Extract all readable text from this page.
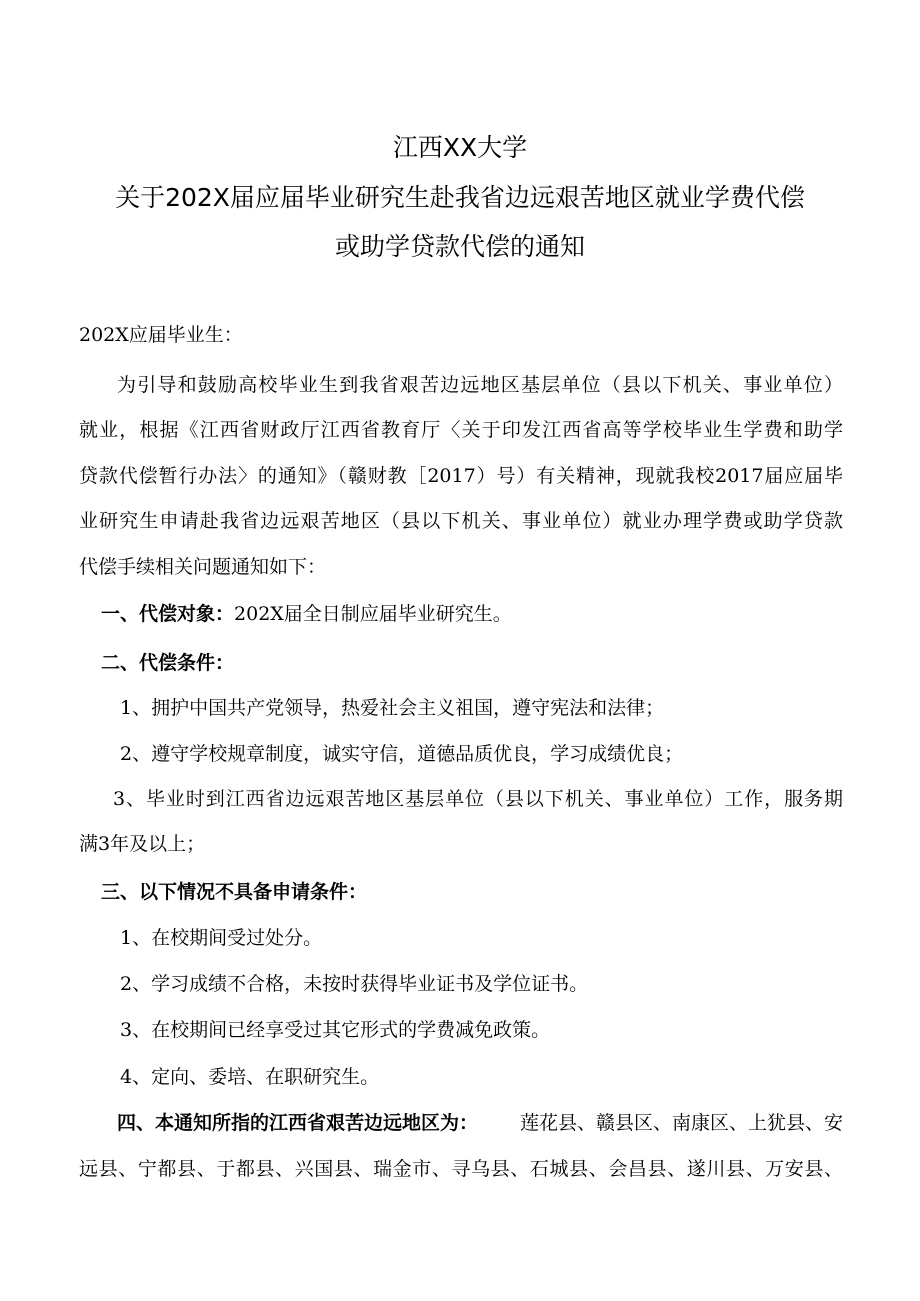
江西XX大学
关于202X届应届毕业研究生赴我省边远艰苦地区就业学费代偿
或助学贷款代偿的通知
202X应届毕业生：
为引导和鼓励高校毕业生到我省艰苦边远地区基层单位（县以下机关、事业单位）
就业，根据《江西省财政厅江西省教育厅〈关于印发江西省高等学校毕业生学费和助学
贷款代偿暂行办法〉的通知》（赣财教［2017）号）有关精神，现就我校2017届应届毕
业研究生申请赴我省边远艰苦地区（县以下机关、事业单位）就业办理学费或助学贷款
代偿手续相关问题通知如下：
一、代偿对象：202X届全日制应届毕业研究生。
二、代偿条件：
1、拥护中国共产党领导，热爱社会主义祖国，遵守宪法和法律；
2、遵守学校规章制度，诚实守信，道德品质优良，学习成绩优良；
3、毕业时到江西省边远艰苦地区基层单位（县以下机关、事业单位）工作，服务期
满3年及以上；
三、以下情况不具备申请条件：
1、在校期间受过处分。
2、学习成绩不合格，未按时获得毕业证书及学位证书。
3、在校期间已经享受过其它形式的学费减免政策。
4、定向、委培、在职研究生。
四、本通知所指的江西省艰苦边远地区为： 莲花县、赣县区、南康区、上犹县、安
远县、宁都县、于都县、兴国县、瑞金市、寻乌县、石城县、会昌县、遂川县、万安县、
